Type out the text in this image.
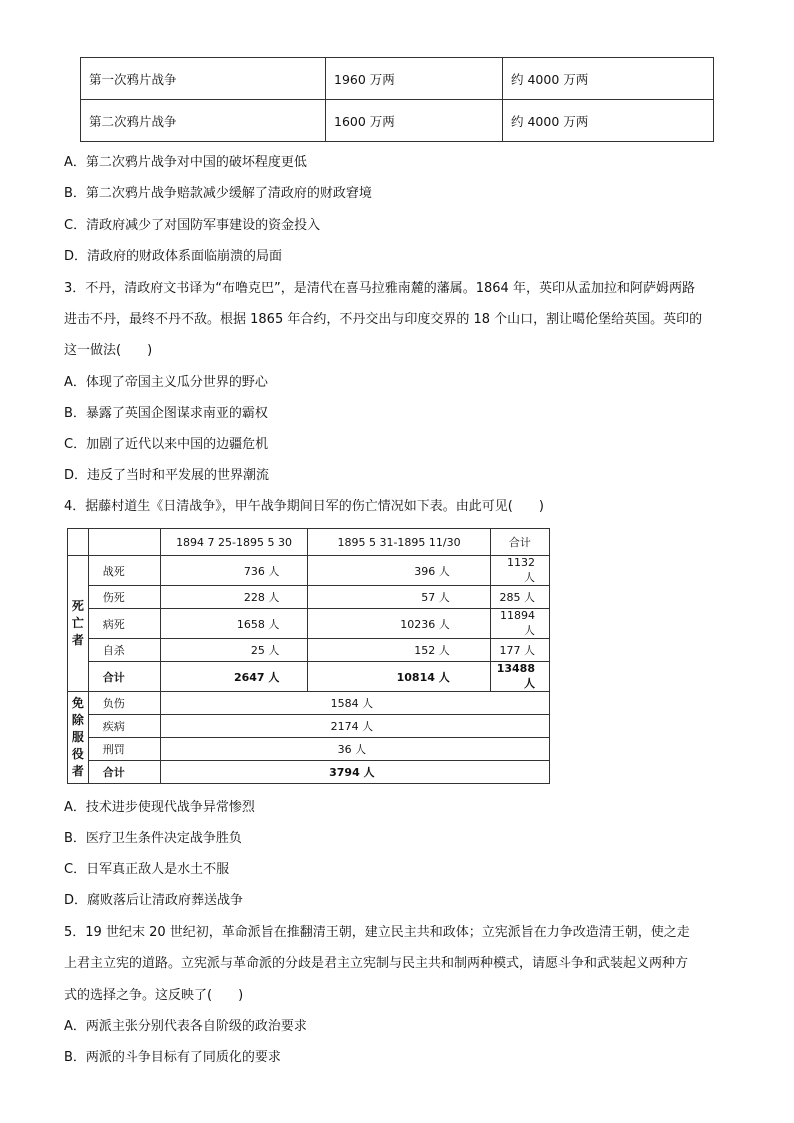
第一次鸦片战争	1960 万两	约 4000 万两
第二次鸦片战争	1600 万两	约 4000 万两
A．第二次鸦片战争对中国的破坏程度更低
B．第二次鸦片战争赔款减少缓解了清政府的财政窘境
C．清政府减少了对国防军事建设的资金投入
D．清政府的财政体系面临崩溃的局面
3．不丹，清政府文书译为“布噜克巴”，是清代在喜马拉雅南麓的藩属。1864 年，英印从孟加拉和阿萨姆两路
进击不丹，最终不丹不敌。根据 1865 年合约，不丹交出与印度交界的 18 个山口，割让噶伦堡给英国。英印的
这一做法(　　)
A．体现了帝国主义瓜分世界的野心
B．暴露了英国企图谋求南亚的霸权
C．加剧了近代以来中国的边疆危机
D．违反了当时和平发展的世界潮流
4．据藤村道生《日清战争》，甲午战争期间日军的伤亡情况如下表。由此可见(　　)
		1894 7 25-1895 5 30	1895 5 31-1895 11/30	合计
死
亡
者	战死	736 人	396 人	1132 人
	伤死	228 人	57 人	285 人
	病死	1658 人	10236 人	11894 人
	自杀	25 人	152 人	177 人
	合计	2647 人	10814 人	13488 人
免
除
服
役
者	负伤	1584 人		
	疾病	2174 人		
	刑罚	36 人		
	合计	3794 人		
A．技术进步使现代战争异常惨烈
B．医疗卫生条件决定战争胜负
C．日军真正敌人是水土不服
D．腐败落后让清政府葬送战争
5．19 世纪末 20 世纪初，革命派旨在推翻清王朝，建立民主共和政体；立宪派旨在力争改造清王朝，使之走
上君主立宪的道路。立宪派与革命派的分歧是君主立宪制与民主共和制两种模式，请愿斗争和武装起义两种方
式的选择之争。这反映了(　　)
A．两派主张分别代表各自阶级的政治要求
B．两派的斗争目标有了同质化的要求
